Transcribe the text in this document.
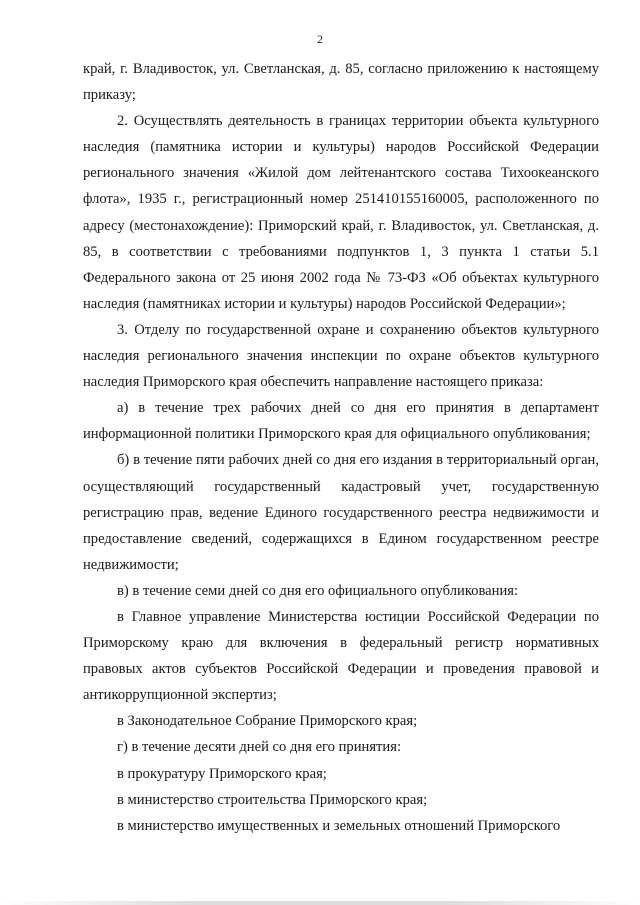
2

край, г. Владивосток, ул. Светланская, д. 85, согласно приложению к настоящему приказу;

2. Осуществлять деятельность в границах территории объекта культурного наследия (памятника истории и культуры) народов Российской Федерации регионального значения «Жилой дом лейтенантского состава Тихоокеанского флота», 1935 г., регистрационный номер 251410155160005, расположенного по адресу (местонахождение): Приморский край, г. Владивосток, ул. Светланская, д. 85, в соответствии с требованиями подпунктов 1, 3 пункта 1 статьи 5.1 Федерального закона от 25 июня 2002 года № 73-ФЗ «Об объектах культурного наследия (памятниках истории и культуры) народов Российской Федерации»;

3. Отделу по государственной охране и сохранению объектов культурного наследия регионального значения инспекции по охране объектов культурного наследия Приморского края обеспечить направление настоящего приказа:

а) в течение трех рабочих дней со дня его принятия в департамент информационной политики Приморского края для официального опубликования;

б) в течение пяти рабочих дней со дня его издания в территориальный орган, осуществляющий государственный кадастровый учет, государственную регистрацию прав, ведение Единого государственного реестра недвижимости и предоставление сведений, содержащихся в Едином государственном реестре недвижимости;

в) в течение семи дней со дня его официального опубликования:

в Главное управление Министерства юстиции Российской Федерации по Приморскому краю для включения в федеральный регистр нормативных правовых актов субъектов Российской Федерации и проведения правовой и антикоррупционной экспертиз;

в Законодательное Собрание Приморского края;

г) в течение десяти дней со дня его принятия:

в прокуратуру Приморского края;

в министерство строительства Приморского края;

в министерство имущественных и земельных отношений Приморского
